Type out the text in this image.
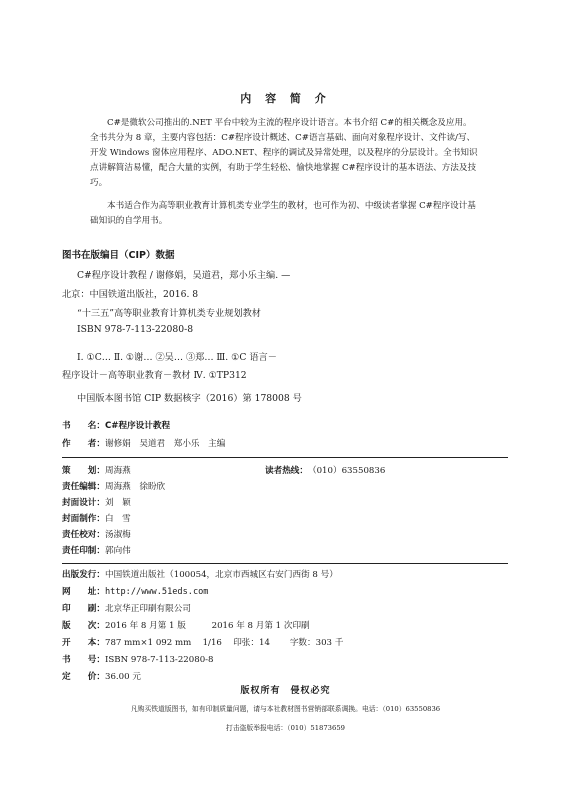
内 容 简 介

C#是微软公司推出的.NET 平台中较为主流的程序设计语言。本书介绍 C#的相关概念及应用。全书共分为 8 章，主要内容包括：C#程序设计概述、C#语言基础、面向对象程序设计、文件读/写、开发 Windows 窗体应用程序、ADO.NET、程序的调试及异常处理，以及程序的分层设计。全书知识点讲解简洁易懂，配合大量的实例，有助于学生轻松、愉快地掌握 C#程序设计的基本语法、方法及技巧。

本书适合作为高等职业教育计算机类专业学生的教材，也可作为初、中级读者掌握 C#程序设计基础知识的自学用书。

图书在版编目（CIP）数据
C#程序设计教程 / 谢修娟，吴道君，郑小乐主编. —
北京：中国铁道出版社，2016. 8
“十三五”高等职业教育计算机类专业规划教材
ISBN 978-7-113-22080-8
Ⅰ. ①C… Ⅱ. ①谢… ②吴… ③郑… Ⅲ. ①C 语言－
程序设计－高等职业教育－教材 Ⅳ. ①TP312
中国版本图书馆 CIP 数据核字（2016）第 178008 号
书　　名：C#程序设计教程
作　　者：谢修娟　吴道君　郑小乐　主编
策　　划：周海燕	读者热线：（010）63550836
责任编辑：周海燕　徐盼欣
封面设计：刘　颖
封面制作：白　雪
责任校对：汤淑梅
责任印制：郭向伟
出版发行：中国铁道出版社（100054，北京市西城区右安门西街 8 号）
网　　址：http://www.51eds.com
印　　刷：北京华正印刷有限公司
版　　次：2016 年 8 月第 1 版　　　2016 年 8 月第 1 次印刷
开　　本：787 mm×1 092 mm　 1/16　 印张：14　　 字数：303 千
书　　号：ISBN 978-7-113-22080-8
定　　价：36.00 元
版权所有　侵权必究
凡购买铁道版图书，如有印制质量问题，请与本社教材图书营销部联系调换。电话：（010）63550836
打击盗版举报电话：（010）51873659
